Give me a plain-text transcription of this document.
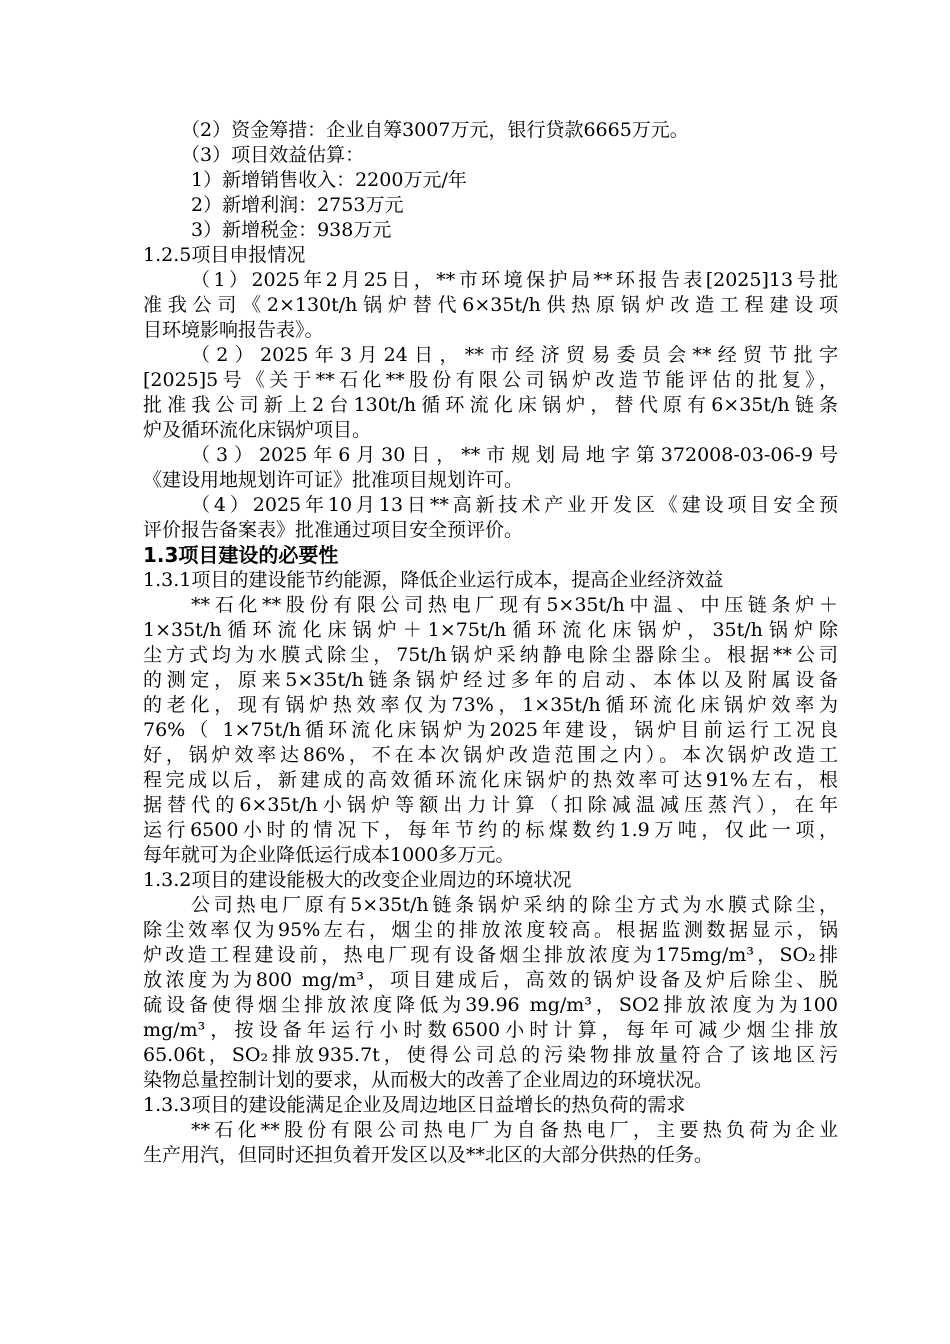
（2）资金筹措：企业自筹3007万元，银行贷款6665万元。
（3）项目效益估算：
1）新增销售收入：2200万元/年
2）新增利润：2753万元
3）新增税金：938万元
1.2.5项目申报情况
（1）2025年2月25日，**市环境保护局**环报告表[2025]13号批
准我公司《2×130t/h锅炉替代6×35t/h供热原锅炉改造工程建设项
目环境影响报告表》。
（2）2025年3月24日，**市经济贸易委员会**经贸节批字
[2025]5号《关于**石化**股份有限公司锅炉改造节能评估的批复》，
批准我公司新上2台130t/h循环流化床锅炉，替代原有6×35t/h链条
炉及循环流化床锅炉项目。
（3）2025年6月30日，**市规划局地字第372008-03-06-9号
《建设用地规划许可证》批准项目规划许可。
（4）2025年10月13日**高新技术产业开发区《建设项目安全预
评价报告备案表》批准通过项目安全预评价。
1.3项目建设的必要性
1.3.1项目的建设能节约能源，降低企业运行成本，提高企业经济效益
**石化**股份有限公司热电厂现有5×35t/h中温、中压链条炉＋
1×35t/h循环流化床锅炉＋1×75t/h循环流化床锅炉，35t/h锅炉除
尘方式均为水膜式除尘，75t/h锅炉采纳静电除尘器除尘。根据**公司
的测定，原来5×35t/h链条锅炉经过多年的启动、本体以及附属设备
的老化，现有锅炉热效率仅为73%，1×35t/h循环流化床锅炉效率为
76%（ 1×75t/h循环流化床锅炉为2025年建设，锅炉目前运行工况良
好，锅炉效率达86%，不在本次锅炉改造范围之内）。本次锅炉改造工
程完成以后，新建成的高效循环流化床锅炉的热效率可达91%左右，根
据替代的6×35t/h小锅炉等额出力计算（扣除减温减压蒸汽），在年
运行6500小时的情况下，每年节约的标煤数约1.9万吨，仅此一项，
每年就可为企业降低运行成本1000多万元。
1.3.2项目的建设能极大的改变企业周边的环境状况
公司热电厂原有5×35t/h链条锅炉采纳的除尘方式为水膜式除尘，
除尘效率仅为95%左右，烟尘的排放浓度较高。根据监测数据显示，锅
炉改造工程建设前，热电厂现有设备烟尘排放浓度为175mg/m³，SO₂排
放浓度为为800 mg/m³，项目建成后，高效的锅炉设备及炉后除尘、脱
硫设备使得烟尘排放浓度降低为39.96 mg/m³，SO2排放浓度为为100
mg/m³，按设备年运行小时数6500小时计算，每年可减少烟尘排放
65.06t，SO₂排放935.7t，使得公司总的污染物排放量符合了该地区污
染物总量控制计划的要求，从而极大的改善了企业周边的环境状况。
1.3.3项目的建设能满足企业及周边地区日益增长的热负荷的需求
**石化**股份有限公司热电厂为自备热电厂，主要热负荷为企业
生产用汽，但同时还担负着开发区以及**北区的大部分供热的任务。
